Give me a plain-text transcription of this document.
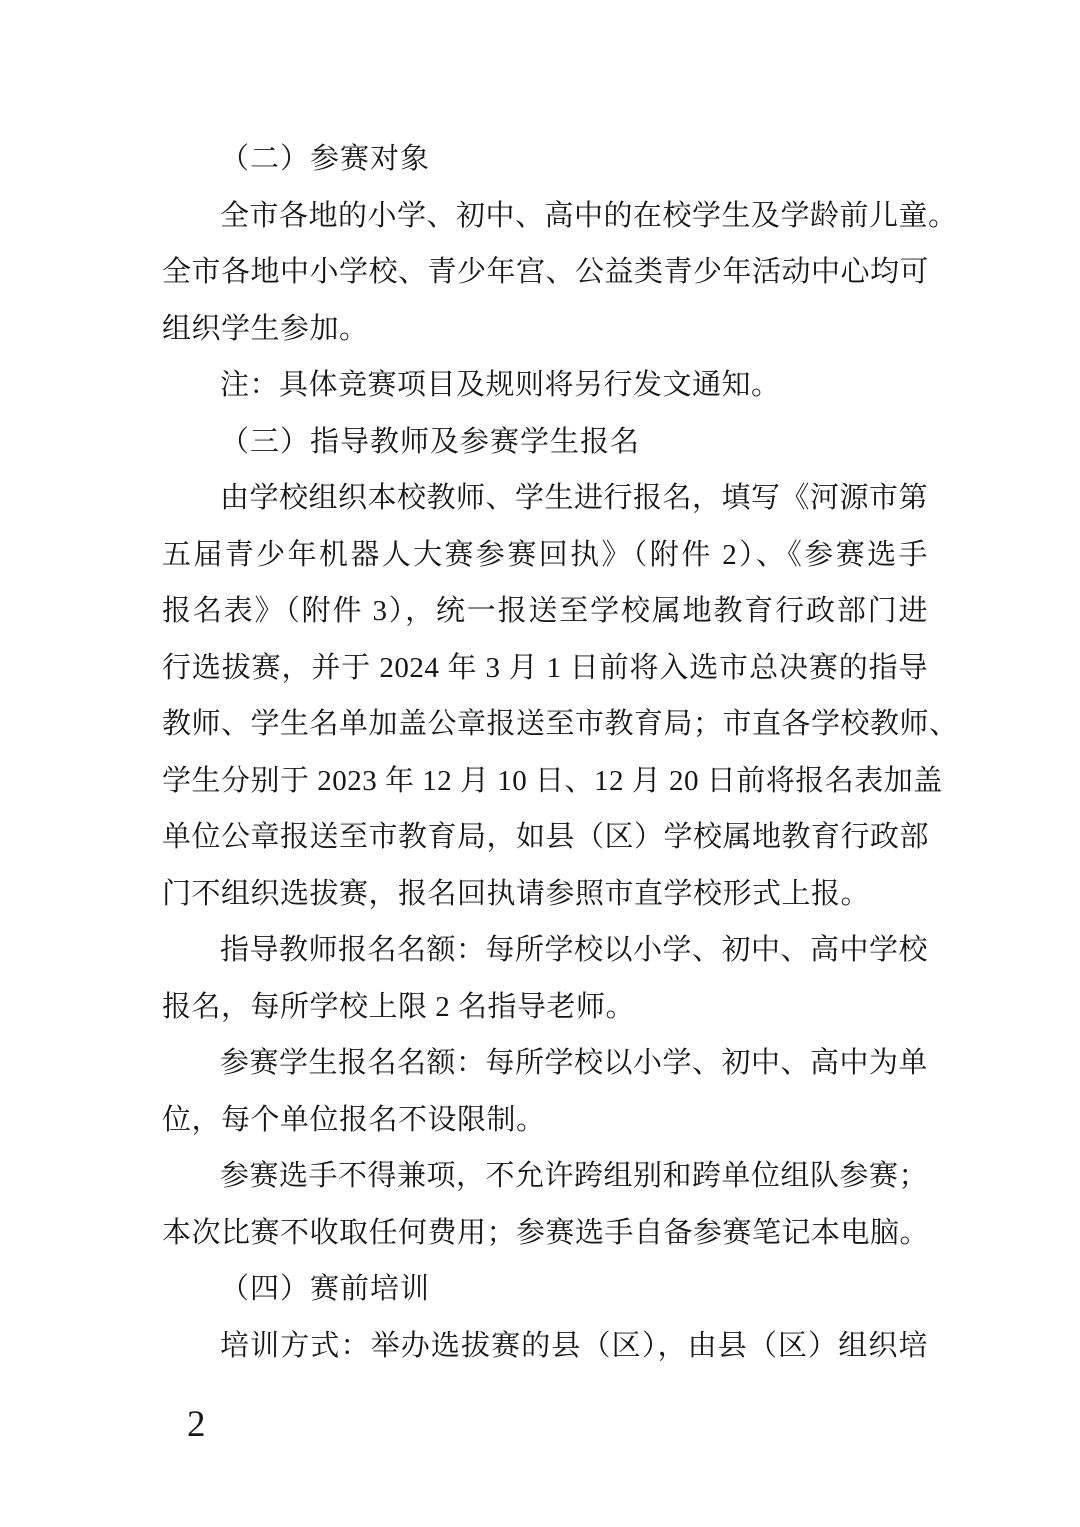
（二）参赛对象
全市各地的小学、初中、高中的在校学生及学龄前儿童。
全市各地中小学校、青少年宫、公益类青少年活动中心均可
组织学生参加。
注：具体竞赛项目及规则将另行发文通知。
（三）指导教师及参赛学生报名
由学校组织本校教师、学生进行报名，填写《河源市第
五届青少年机器人大赛参赛回执》（附件 2）、《参赛选手
报名表》（附件 3），统一报送至学校属地教育行政部门进
行选拔赛，并于 2024 年 3 月 1 日前将入选市总决赛的指导
教师、学生名单加盖公章报送至市教育局；市直各学校教师、
学生分别于 2023 年 12 月 10 日、12 月 20 日前将报名表加盖
单位公章报送至市教育局，如县（区）学校属地教育行政部
门不组织选拔赛，报名回执请参照市直学校形式上报。
指导教师报名名额：每所学校以小学、初中、高中学校
报名，每所学校上限 2 名指导老师。
参赛学生报名名额：每所学校以小学、初中、高中为单
位，每个单位报名不设限制。
参赛选手不得兼项，不允许跨组别和跨单位组队参赛；
本次比赛不收取任何费用；参赛选手自备参赛笔记本电脑。
（四）赛前培训
培训方式：举办选拔赛的县（区），由县（区）组织培
2
